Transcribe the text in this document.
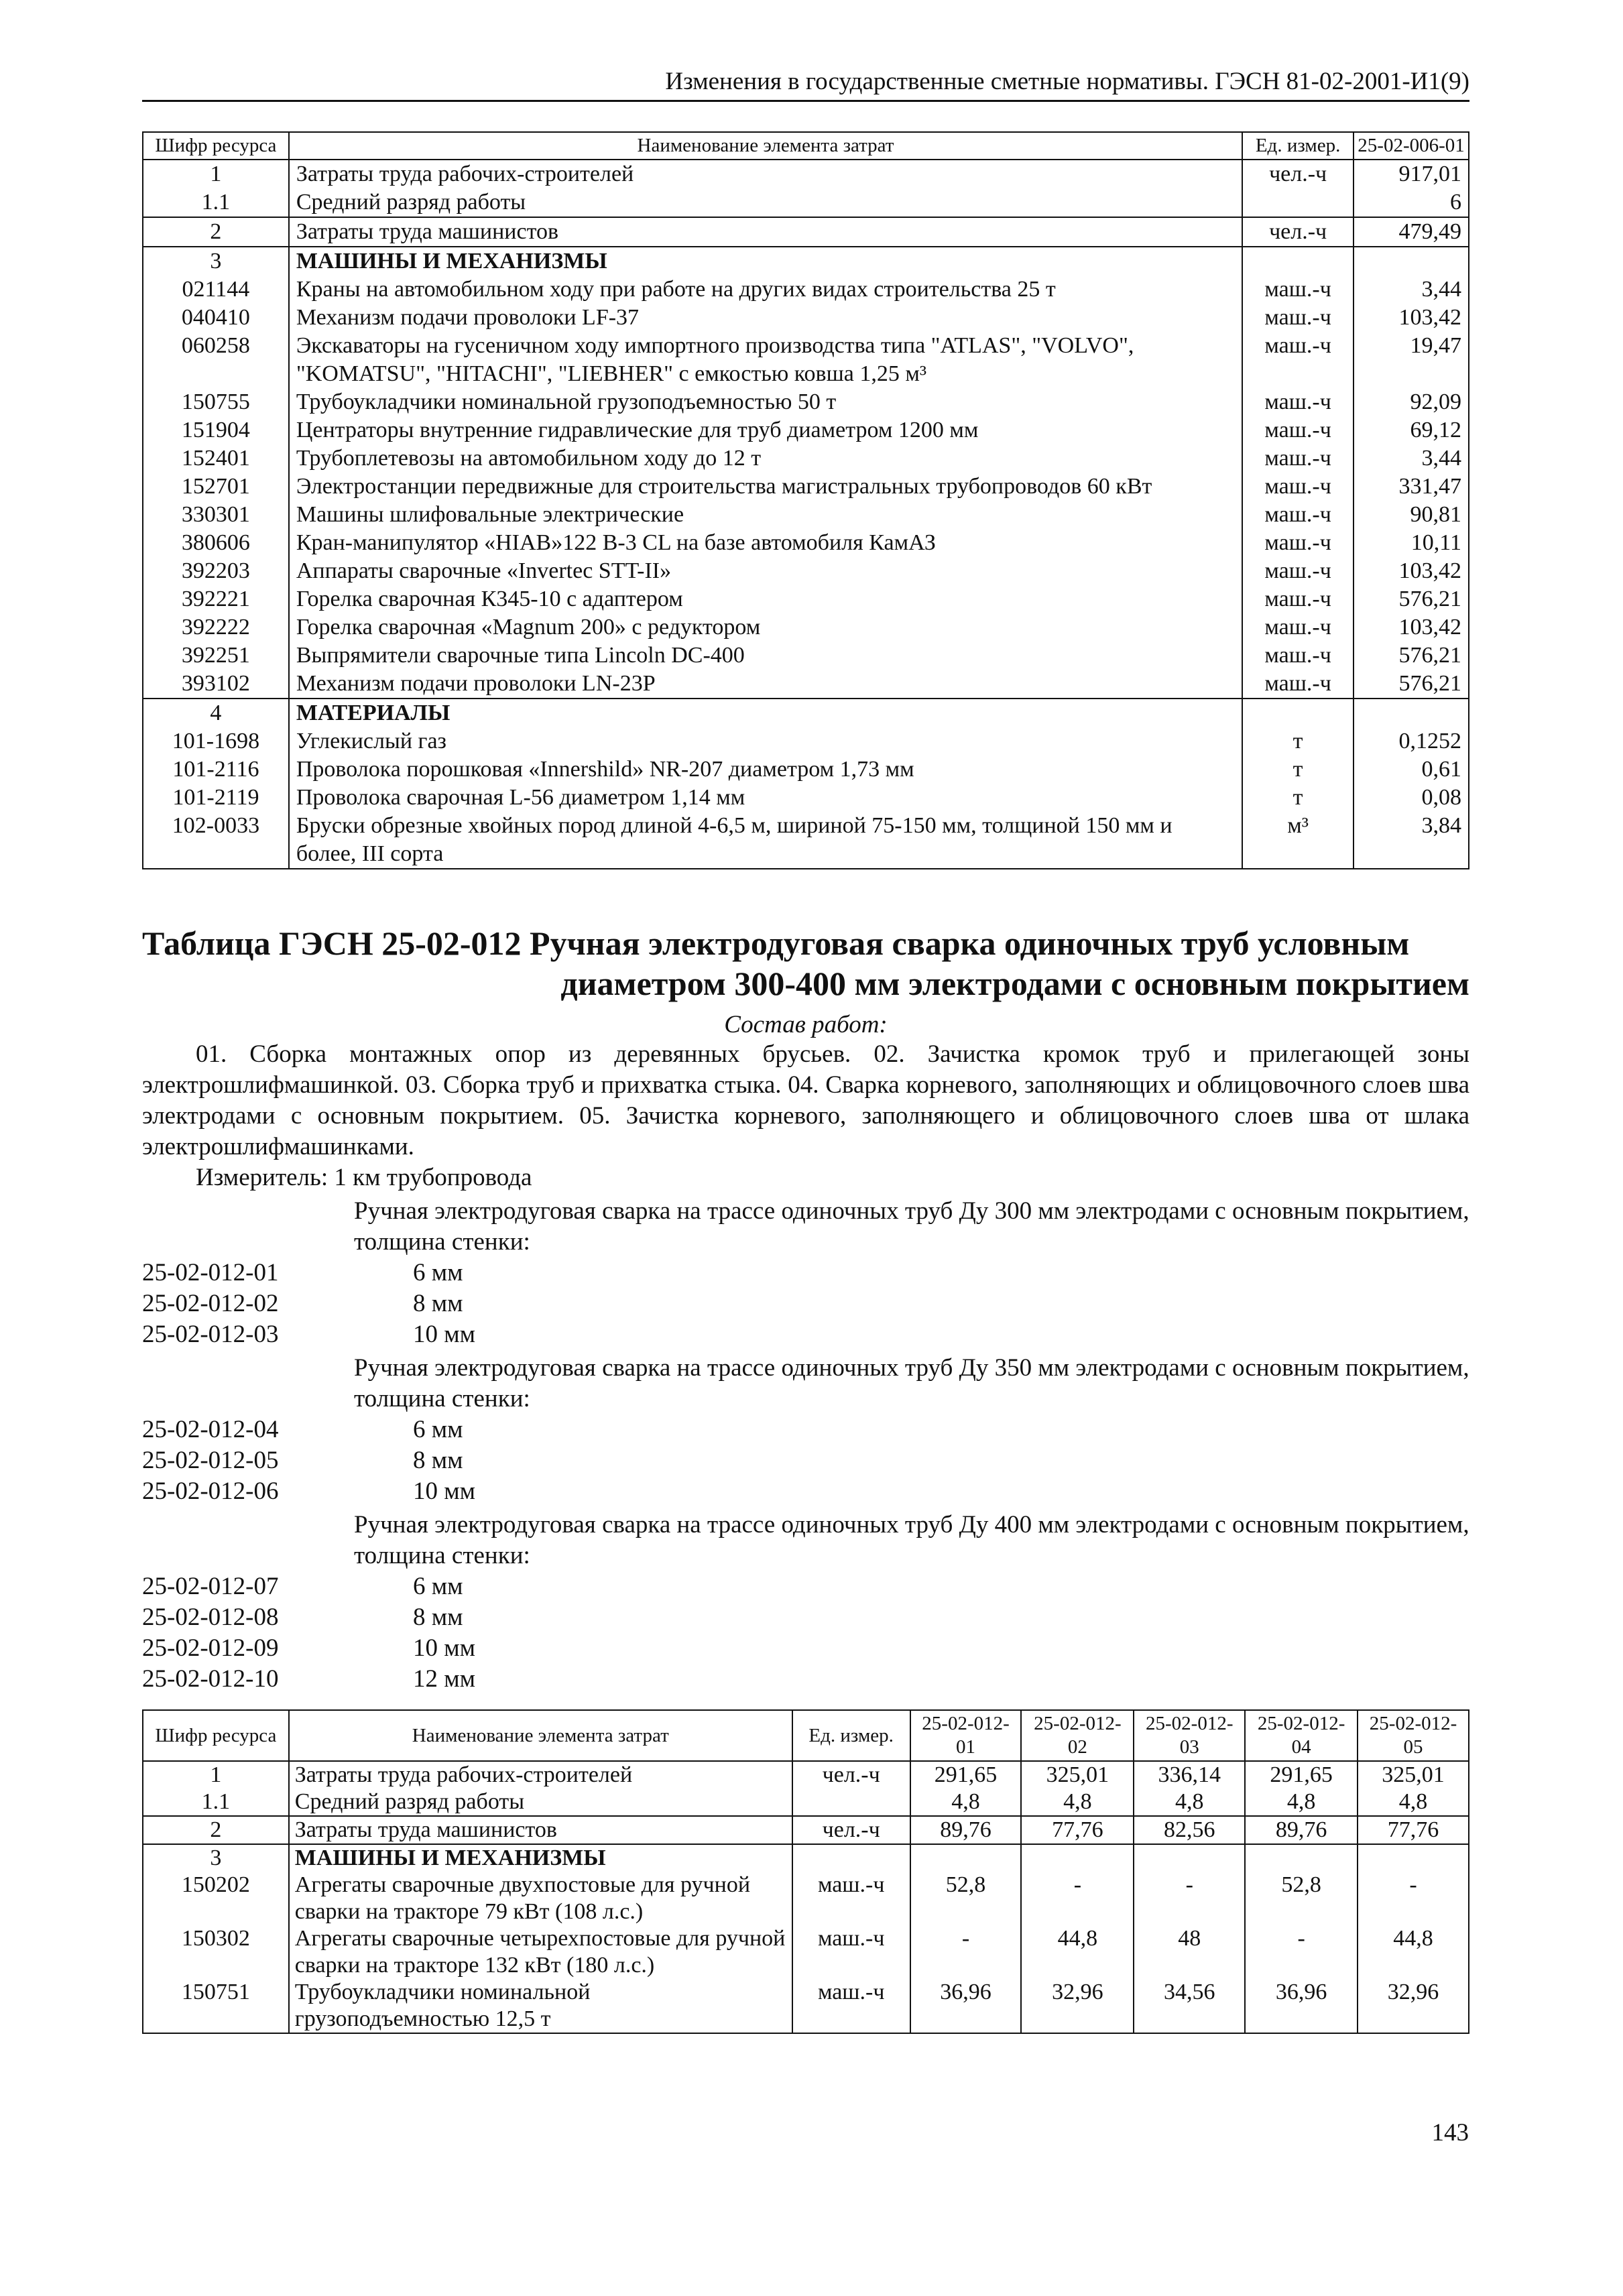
Изменения в государственные сметные нормативы. ГЭСН 81-02-2001-И1(9)
Шифр ресурса	Наименование элемента затрат	Ед. измер.	25-02-006-01
1	Затраты труда рабочих-строителей	чел.-ч	917,01
1.1	Средний разряд работы		6
2	Затраты труда машинистов	чел.-ч	479,49
3	МАШИНЫ И МЕХАНИЗМЫ		
021144	Краны на автомобильном ходу при работе на других видах строительства 25 т	маш.-ч	3,44
040410	Механизм подачи проволоки LF-37	маш.-ч	103,42
060258	Экскаваторы на гусеничном ходу импортного производства типа "ATLAS", "VOLVO", "KOMATSU", "HITACHI", "LIEBHER" с емкостью ковша 1,25 м³	маш.-ч	19,47
150755	Трубоукладчики номинальной грузоподъемностью 50 т	маш.-ч	92,09
151904	Центраторы внутренние гидравлические для труб диаметром 1200 мм	маш.-ч	69,12
152401	Трубоплетевозы на автомобильном ходу до 12 т	маш.-ч	3,44
152701	Электростанции передвижные для строительства магистральных трубопроводов 60 кВт	маш.-ч	331,47
330301	Машины шлифовальные электрические	маш.-ч	90,81
380606	Кран-манипулятор «HIAB»122 B-3 CL на базе автомобиля КамАЗ	маш.-ч	10,11
392203	Аппараты сварочные «Invertec STT-II»	маш.-ч	103,42
392221	Горелка сварочная К345-10 с адаптером	маш.-ч	576,21
392222	Горелка сварочная «Magnum 200» с редуктором	маш.-ч	103,42
392251	Выпрямители сварочные типа Lincoln DC-400	маш.-ч	576,21
393102	Механизм подачи проволоки LN-23P	маш.-ч	576,21
4	МАТЕРИАЛЫ		
101-1698	Углекислый газ	т	0,1252
101-2116	Проволока порошковая «Innershild» NR-207 диаметром 1,73 мм	т	0,61
101-2119	Проволока сварочная L-56 диаметром 1,14 мм	т	0,08
102-0033	Бруски обрезные хвойных пород длиной 4-6,5 м, шириной 75-150 мм, толщиной 150 мм и более, III сорта	м³	3,84
Таблица ГЭСН 25-02-012 Ручная электродуговая сварка одиночных труб условным
диаметром 300-400 мм электродами с основным покрытием
Состав работ:

01. Сборка монтажных опор из деревянных брусьев. 02. Зачистка кромок труб и прилегающей зоны электрошлифмашинкой. 03. Сборка труб и прихватка стыка. 04. Сварка корневого, заполняющих и облицовочного слоев шва электродами с основным покрытием. 05. Зачистка корневого, заполняющего и облицовочного слоев шва от шлака электрошлифмашинками.

Измеритель: 1 км трубопровода
Ручная электродуговая сварка на трассе одиночных труб Ду 300 мм электродами с основным покрытием, толщина стенки:
25-02-012-01	6 мм
25-02-012-02	8 мм
25-02-012-03	10 мм
Ручная электродуговая сварка на трассе одиночных труб Ду 350 мм электродами с основным покрытием, толщина стенки:
25-02-012-04	6 мм
25-02-012-05	8 мм
25-02-012-06	10 мм
Ручная электродуговая сварка на трассе одиночных труб Ду 400 мм электродами с основным покрытием, толщина стенки:
25-02-012-07	6 мм
25-02-012-08	8 мм
25-02-012-09	10 мм
25-02-012-10	12 мм
Шифр ресурса	Наименование элемента затрат	Ед. измер.	25-02-012-01	25-02-012-02	25-02-012-03	25-02-012-04	25-02-012-05
1	Затраты труда рабочих-строителей	чел.-ч	291,65	325,01	336,14	291,65	325,01
1.1	Средний разряд работы		4,8	4,8	4,8	4,8	4,8
2	Затраты труда машинистов	чел.-ч	89,76	77,76	82,56	89,76	77,76
3	МАШИНЫ И МЕХАНИЗМЫ						
150202	Агрегаты сварочные двухпостовые для ручной сварки на тракторе 79 кВт (108 л.с.)	маш.-ч	52,8	-	-	52,8	-
150302	Агрегаты сварочные четырехпостовые для ручной сварки на тракторе 132 кВт (180 л.с.)	маш.-ч	-	44,8	48	-	44,8
150751	Трубоукладчики номинальной грузоподъемностью 12,5 т	маш.-ч	36,96	32,96	34,56	36,96	32,96
143
